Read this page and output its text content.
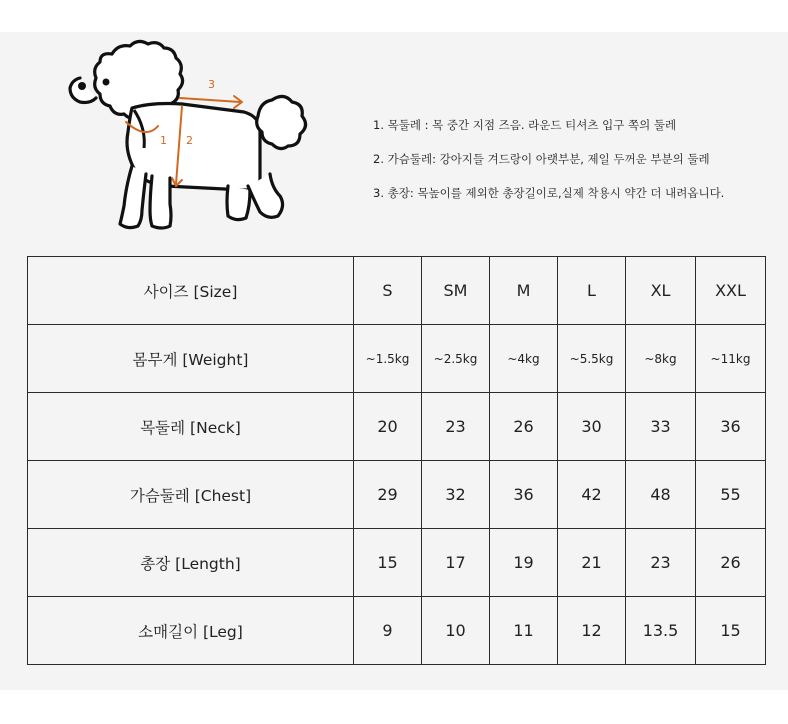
1 2
3
1. 목둘레 : 목 중간 지점 즈음. 라운드 티셔츠 입구 쪽의 둘레
2. 가슴둘레: 강아지들 겨드랑이 아랫부분, 제일 두꺼운 부분의 둘레
3. 총장: 목높이를 제외한 총장길이로,실제 착용시 약간 더 내려옵니다.
사이즈 [Size]	S	SM	M	L	XL	XXL
몸무게 [Weight]	~1.5kg	~2.5kg	~4kg	~5.5kg	~8kg	~11kg
목둘레 [Neck]	20	23	26	30	33	36
가슴둘레 [Chest]	29	32	36	42	48	55
총장 [Length]	15	17	19	21	23	26
소매길이 [Leg]	9	10	11	12	13.5	15
